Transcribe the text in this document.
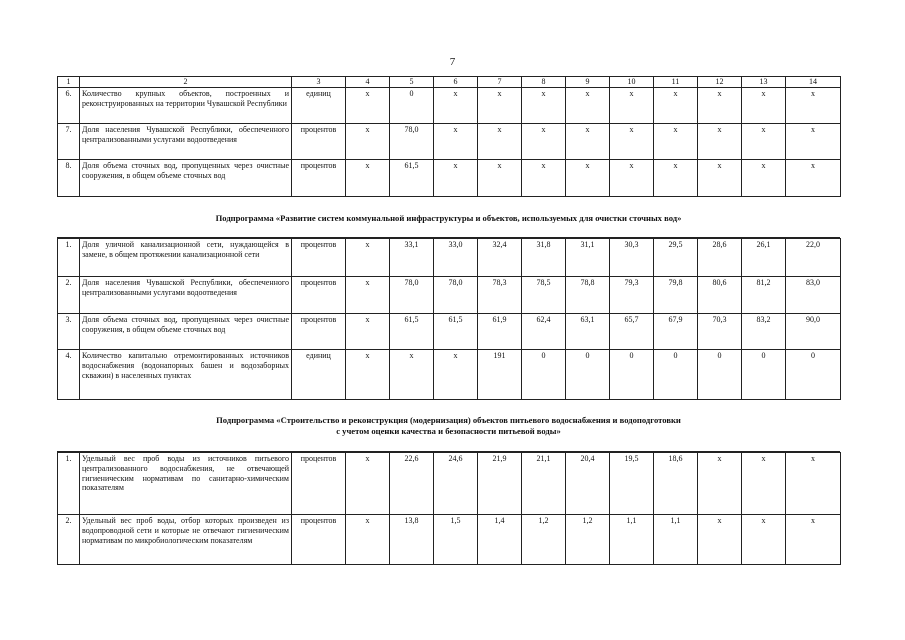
7
1	2	3	4	5	6	7	8	9	10	11	12	13	14
6.	Количество крупных объектов, построенных и реконструированных на территории Чувашской Республики	единиц	x	0	x	x	x	x	x	x	x	x	x
7.	Доля населения Чувашской Республики, обеспеченного централизованными услугами водоотведения	процентов	x	78,0	x	x	x	x	x	x	x	x	x
8.	Доля объема сточных вод, пропущенных через очистные сооружения, в общем объеме сточных вод	процентов	x	61,5	x	x	x	x	x	x	x	x	x
Подпрограмма «Развитие систем коммунальной инфраструктуры и объектов, используемых для очистки сточных вод»
1.	Доля уличной канализационной сети, нуждающейся в замене, в общем протяжении канализационной сети	процентов	x	33,1	33,0	32,4	31,8	31,1	30,3	29,5	28,6	26,1	22,0
2.	Доля населения Чувашской Республики, обеспеченного централизованными услугами водоотведения	процентов	x	78,0	78,0	78,3	78,5	78,8	79,3	79,8	80,6	81,2	83,0
3.	Доля объема сточных вод, пропущенных через очистные сооружения, в общем объеме сточных вод	процентов	x	61,5	61,5	61,9	62,4	63,1	65,7	67,9	70,3	83,2	90,0
4.	Количество капитально отремонтированных источников водоснабжения (водонапорных башен и водозаборных скважин) в населенных пунктах	единиц	x	x	x	191	0	0	0	0	0	0	0
Подпрограмма «Строительство и реконструкция (модернизация) объектов питьевого водоснабжения и водоподготовки
с учетом оценки качества и безопасности питьевой воды»
1.	Удельный вес проб воды из источников питьевого централизованного водоснабжения, не отвечающей гигиеническим нормативам по санитарно-химическим показателям	процентов	x	22,6	24,6	21,9	21,1	20,4	19,5	18,6	x	x	x
2.	Удельный вес проб воды, отбор которых произведен из водопроводной сети и которые не отвечают гигиеническим нормативам по микробиологическим показателям	процентов	x	13,8	1,5	1,4	1,2	1,2	1,1	1,1	x	x	x
